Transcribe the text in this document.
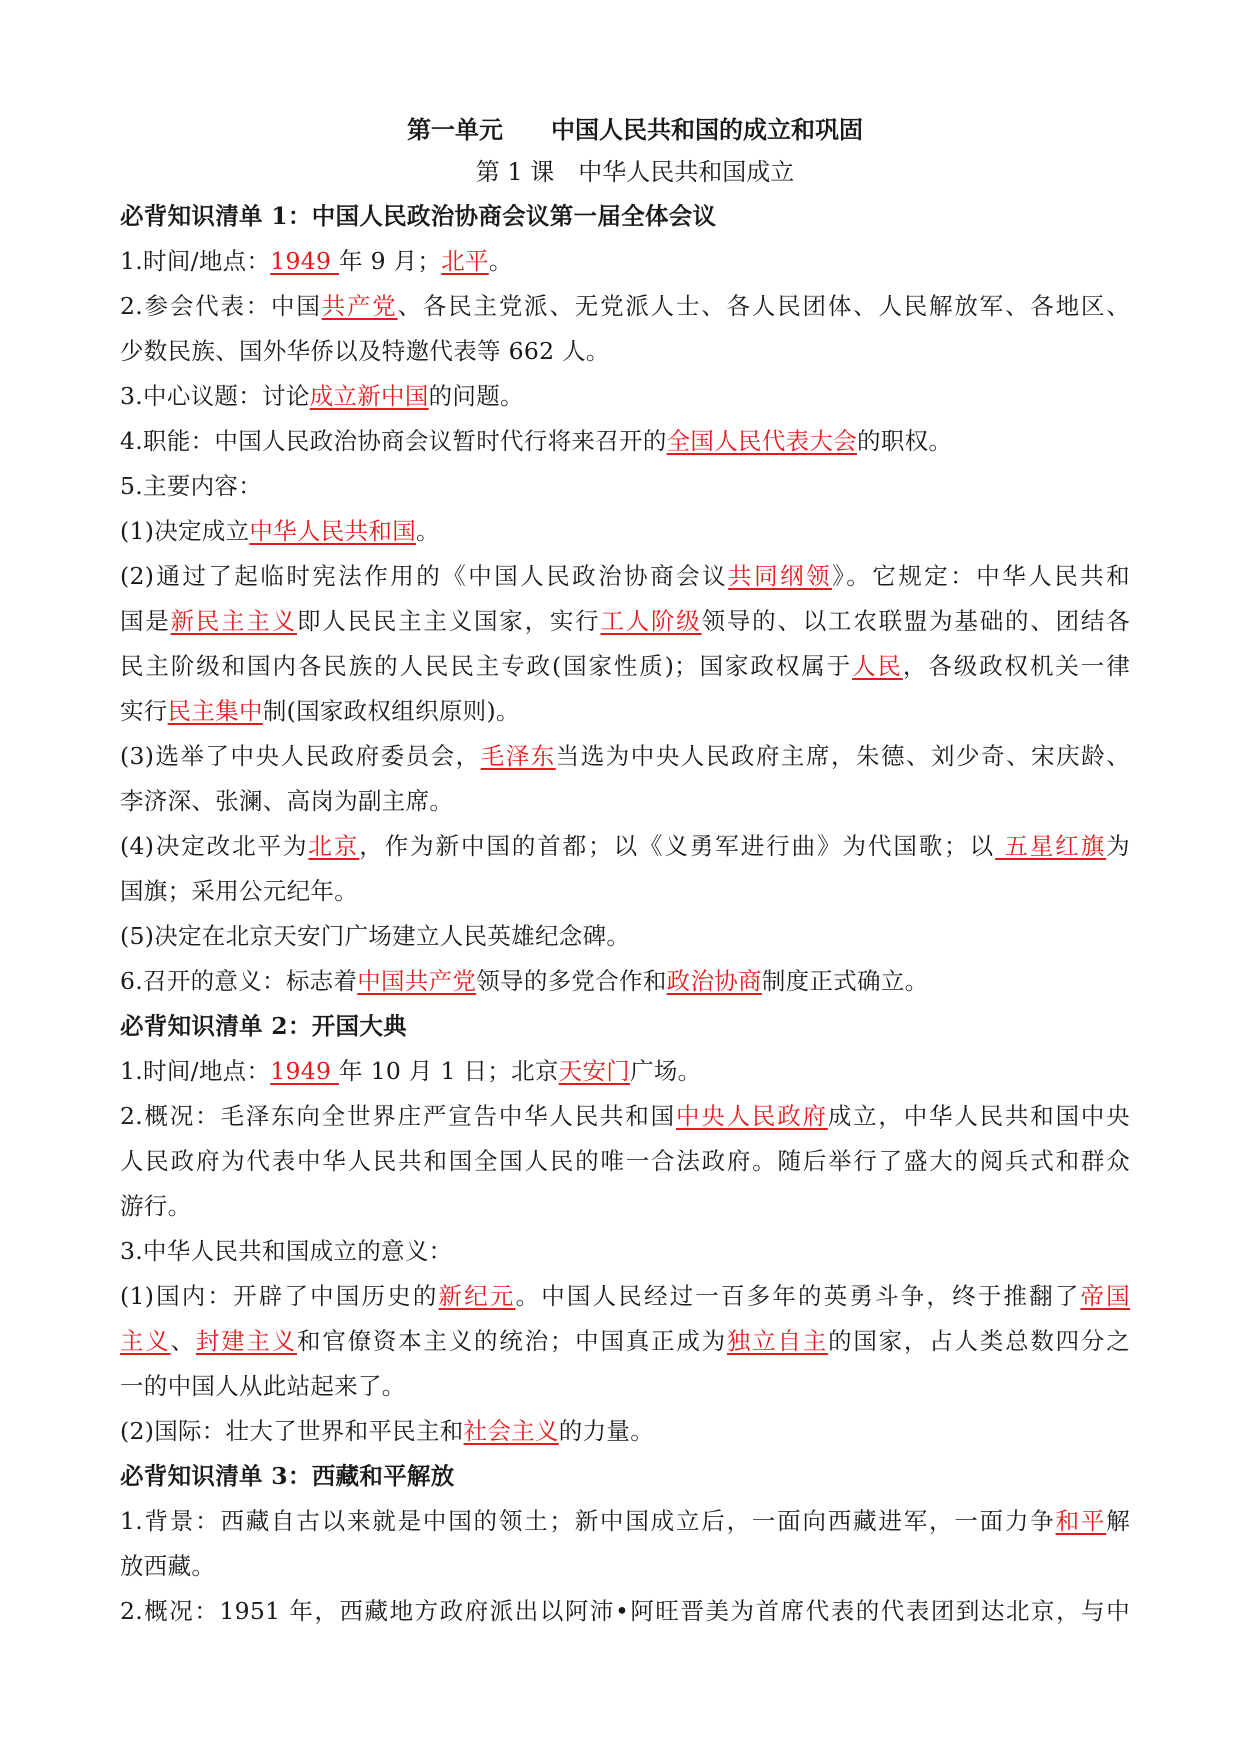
第一单元　　中国人民共和国的成立和巩固
第 1 课　中华人民共和国成立
必背知识清单 1：中国人民政治协商会议第一届全体会议
1.时间/地点：1949 年 9 月；北平。
2.参会代表：中国共产党、各民主党派、无党派人士、各人民团体、人民解放军、各地区、
少数民族、国外华侨以及特邀代表等 662 人。
3.中心议题：讨论成立新中国的问题。
4.职能：中国人民政治协商会议暂时代行将来召开的全国人民代表大会的职权。
5.主要内容：
(1)决定成立中华人民共和国。
(2)通过了起临时宪法作用的《中国人民政治协商会议共同纲领》。它规定：中华人民共和
国是新民主主义即人民民主主义国家，实行工人阶级领导的、以工农联盟为基础的、团结各
民主阶级和国内各民族的人民民主专政(国家性质)；国家政权属于人民，各级政权机关一律
实行民主集中制(国家政权组织原则)。
(3)选举了中央人民政府委员会，毛泽东当选为中央人民政府主席，朱德、刘少奇、宋庆龄、
李济深、张澜、高岗为副主席。
(4)决定改北平为北京，作为新中国的首都；以《义勇军进行曲》为代国歌；以 五星红旗为
国旗；采用公元纪年。
(5)决定在北京天安门广场建立人民英雄纪念碑。
6.召开的意义：标志着中国共产党领导的多党合作和政治协商制度正式确立。
必背知识清单 2：开国大典
1.时间/地点：1949 年 10 月 1 日；北京天安门广场。
2.概况：毛泽东向全世界庄严宣告中华人民共和国中央人民政府成立，中华人民共和国中央
人民政府为代表中华人民共和国全国人民的唯一合法政府。随后举行了盛大的阅兵式和群众
游行。
3.中华人民共和国成立的意义：
(1)国内：开辟了中国历史的新纪元。中国人民经过一百多年的英勇斗争，终于推翻了帝国
主义、封建主义和官僚资本主义的统治；中国真正成为独立自主的国家，占人类总数四分之
一的中国人从此站起来了。
(2)国际：壮大了世界和平民主和社会主义的力量。
必背知识清单 3：西藏和平解放
1.背景：西藏自古以来就是中国的领土；新中国成立后，一面向西藏进军，一面力争和平解
放西藏。
2.概况：1951 年，西藏地方政府派出以阿沛•阿旺晋美为首席代表的代表团到达北京，与中
